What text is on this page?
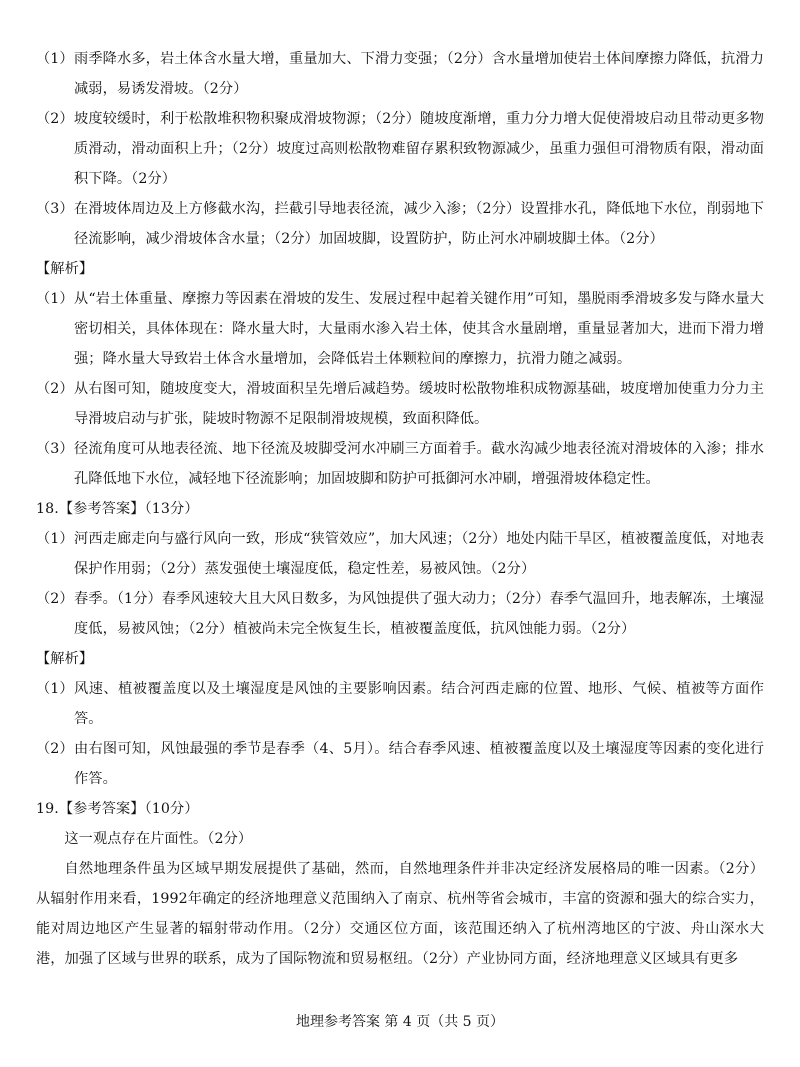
（1） 雨季降水多，岩土体含水量大增，重量加大、下滑力变强；（2分）含水量增加使岩土体间摩擦力降低，抗滑力减弱，易诱发滑坡。（2分）
（2） 坡度较缓时，利于松散堆积物积聚成滑坡物源；（2分）随坡度渐增，重力分力增大促使滑坡启动且带动更多物质滑动，滑动面积上升；（2分）坡度过高则松散物难留存累积致物源减少，虽重力强但可滑物质有限，滑动面积下降。（2分）
（3） 在滑坡体周边及上方修截水沟，拦截引导地表径流，减少入渗；（2分）设置排水孔，降低地下水位，削弱地下径流影响，减少滑坡体含水量；（2分）加固坡脚，设置防护，防止河水冲刷坡脚土体。（2分）
【解析】
（1） 从“岩土体重量、摩擦力等因素在滑坡的发生、发展过程中起着关键作用”可知，墨脱雨季滑坡多发与降水量大密切相关，具体体现在：降水量大时，大量雨水渗入岩土体，使其含水量剧增，重量显著加大，进而下滑力增强；降水量大导致岩土体含水量增加，会降低岩土体颗粒间的摩擦力，抗滑力随之减弱。
（2） 从右图可知，随坡度变大，滑坡面积呈先增后减趋势。缓坡时松散物堆积成物源基础，坡度增加使重力分力主导滑坡启动与扩张，陡坡时物源不足限制滑坡规模，致面积降低。
（3） 径流角度可从地表径流、地下径流及坡脚受河水冲刷三方面着手。截水沟减少地表径流对滑坡体的入渗；排水孔降低地下水位，减轻地下径流影响；加固坡脚和防护可抵御河水冲刷，增强滑坡体稳定性。
18.【参考答案】（13分）
（1） 河西走廊走向与盛行风向一致，形成“狭管效应”，加大风速；（2分）地处内陆干旱区，植被覆盖度低，对地表保护作用弱；（2分）蒸发强使土壤湿度低，稳定性差，易被风蚀。（2分）
（2） 春季。（1分）春季风速较大且大风日数多，为风蚀提供了强大动力；（2分）春季气温回升，地表解冻，土壤湿度低，易被风蚀；（2分）植被尚未完全恢复生长，植被覆盖度低，抗风蚀能力弱。（2分）
【解析】
（1） 风速、植被覆盖度以及土壤湿度是风蚀的主要影响因素。结合河西走廊的位置、地形、气候、植被等方面作答。
（2） 由右图可知，风蚀最强的季节是春季（4、5月）。结合春季风速、植被覆盖度以及土壤湿度等因素的变化进行作答。
19.【参考答案】（10分）
这一观点存在片面性。（2分）
自然地理条件虽为区域早期发展提供了基础，然而，自然地理条件并非决定经济发展格局的唯一因素。（2分）从辐射作用来看，1992年确定的经济地理意义范围纳入了南京、杭州等省会城市，丰富的资源和强大的综合实力，能对周边地区产生显著的辐射带动作用。（2分）交通区位方面，该范围还纳入了杭州湾地区的宁波、舟山深水大港，加强了区域与世界的联系，成为了国际物流和贸易枢纽。（2分）产业协同方面，经济地理意义区域具有更多
地理参考答案 第 4 页（共 5 页）
